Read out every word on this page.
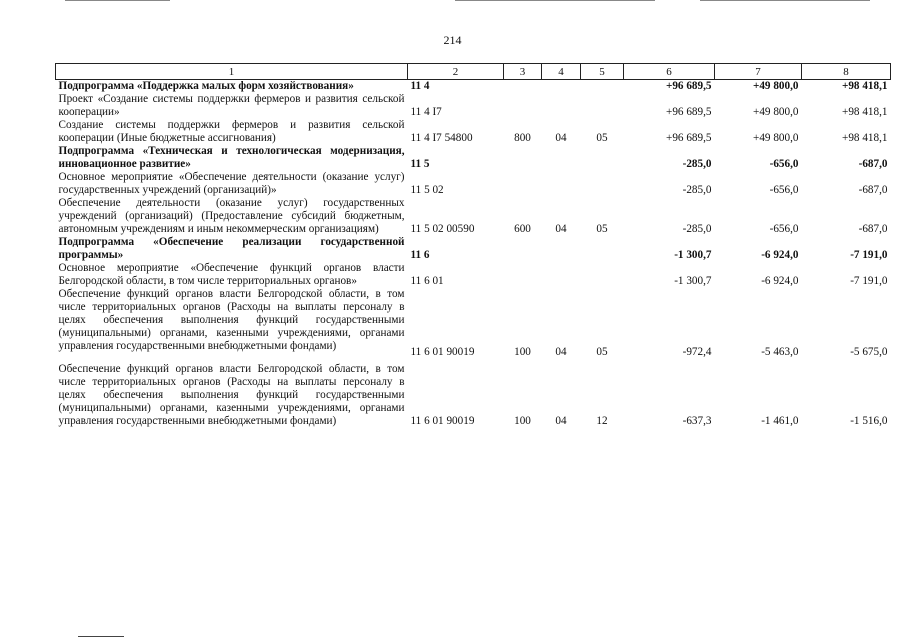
214
1	2	3	4	5	6	7	8
Подпрограмма «Поддержка малых форм хозяйствования»	11 4				+96 689,5	+49 800,0	+98 418,1
Проект «Создание системы поддержки фермеров и развития сельской кооперации»	11 4 I7				+96 689,5	+49 800,0	+98 418,1
Создание системы поддержки фермеров и развития сельской кооперации (Иные бюджетные ассигнования)	11 4 I7 54800	800	04	05	+96 689,5	+49 800,0	+98 418,1
Подпрограмма «Техническая и технологическая модернизация, инновационное развитие»	11 5				-285,0	-656,0	-687,0
Основное мероприятие «Обеспечение деятельности (оказание услуг) государственных учреждений (организаций)»	11 5 02				-285,0	-656,0	-687,0
Обеспечение деятельности (оказание услуг) государственных учреждений (организаций) (Предоставление субсидий бюджетным, автономным учреждениям и иным некоммерческим организациям)	11 5 02 00590	600	04	05	-285,0	-656,0	-687,0
Подпрограмма «Обеспечение реализации государственной программы»	11 6				-1 300,7	-6 924,0	-7 191,0
Основное мероприятие «Обеспечение функций органов власти Белгородской области, в том числе территориальных органов»	11 6 01				-1 300,7	-6 924,0	-7 191,0
Обеспечение функций органов власти Белгородской области, в том числе территориальных органов (Расходы на выплаты персоналу в целях обеспечения выполнения функций государственными (муниципальными) органами, казенными учреждениями, органами управления государственными внебюджетными фондами)	11 6 01 90019	100	04	05	-972,4	-5 463,0	-5 675,0
Обеспечение функций органов власти Белгородской области, в том числе территориальных органов (Расходы на выплаты персоналу в целях обеспечения выполнения функций государственными (муниципальными) органами, казенными учреждениями, органами управления государственными внебюджетными фондами)	11 6 01 90019	100	04	12	-637,3	-1 461,0	-1 516,0
